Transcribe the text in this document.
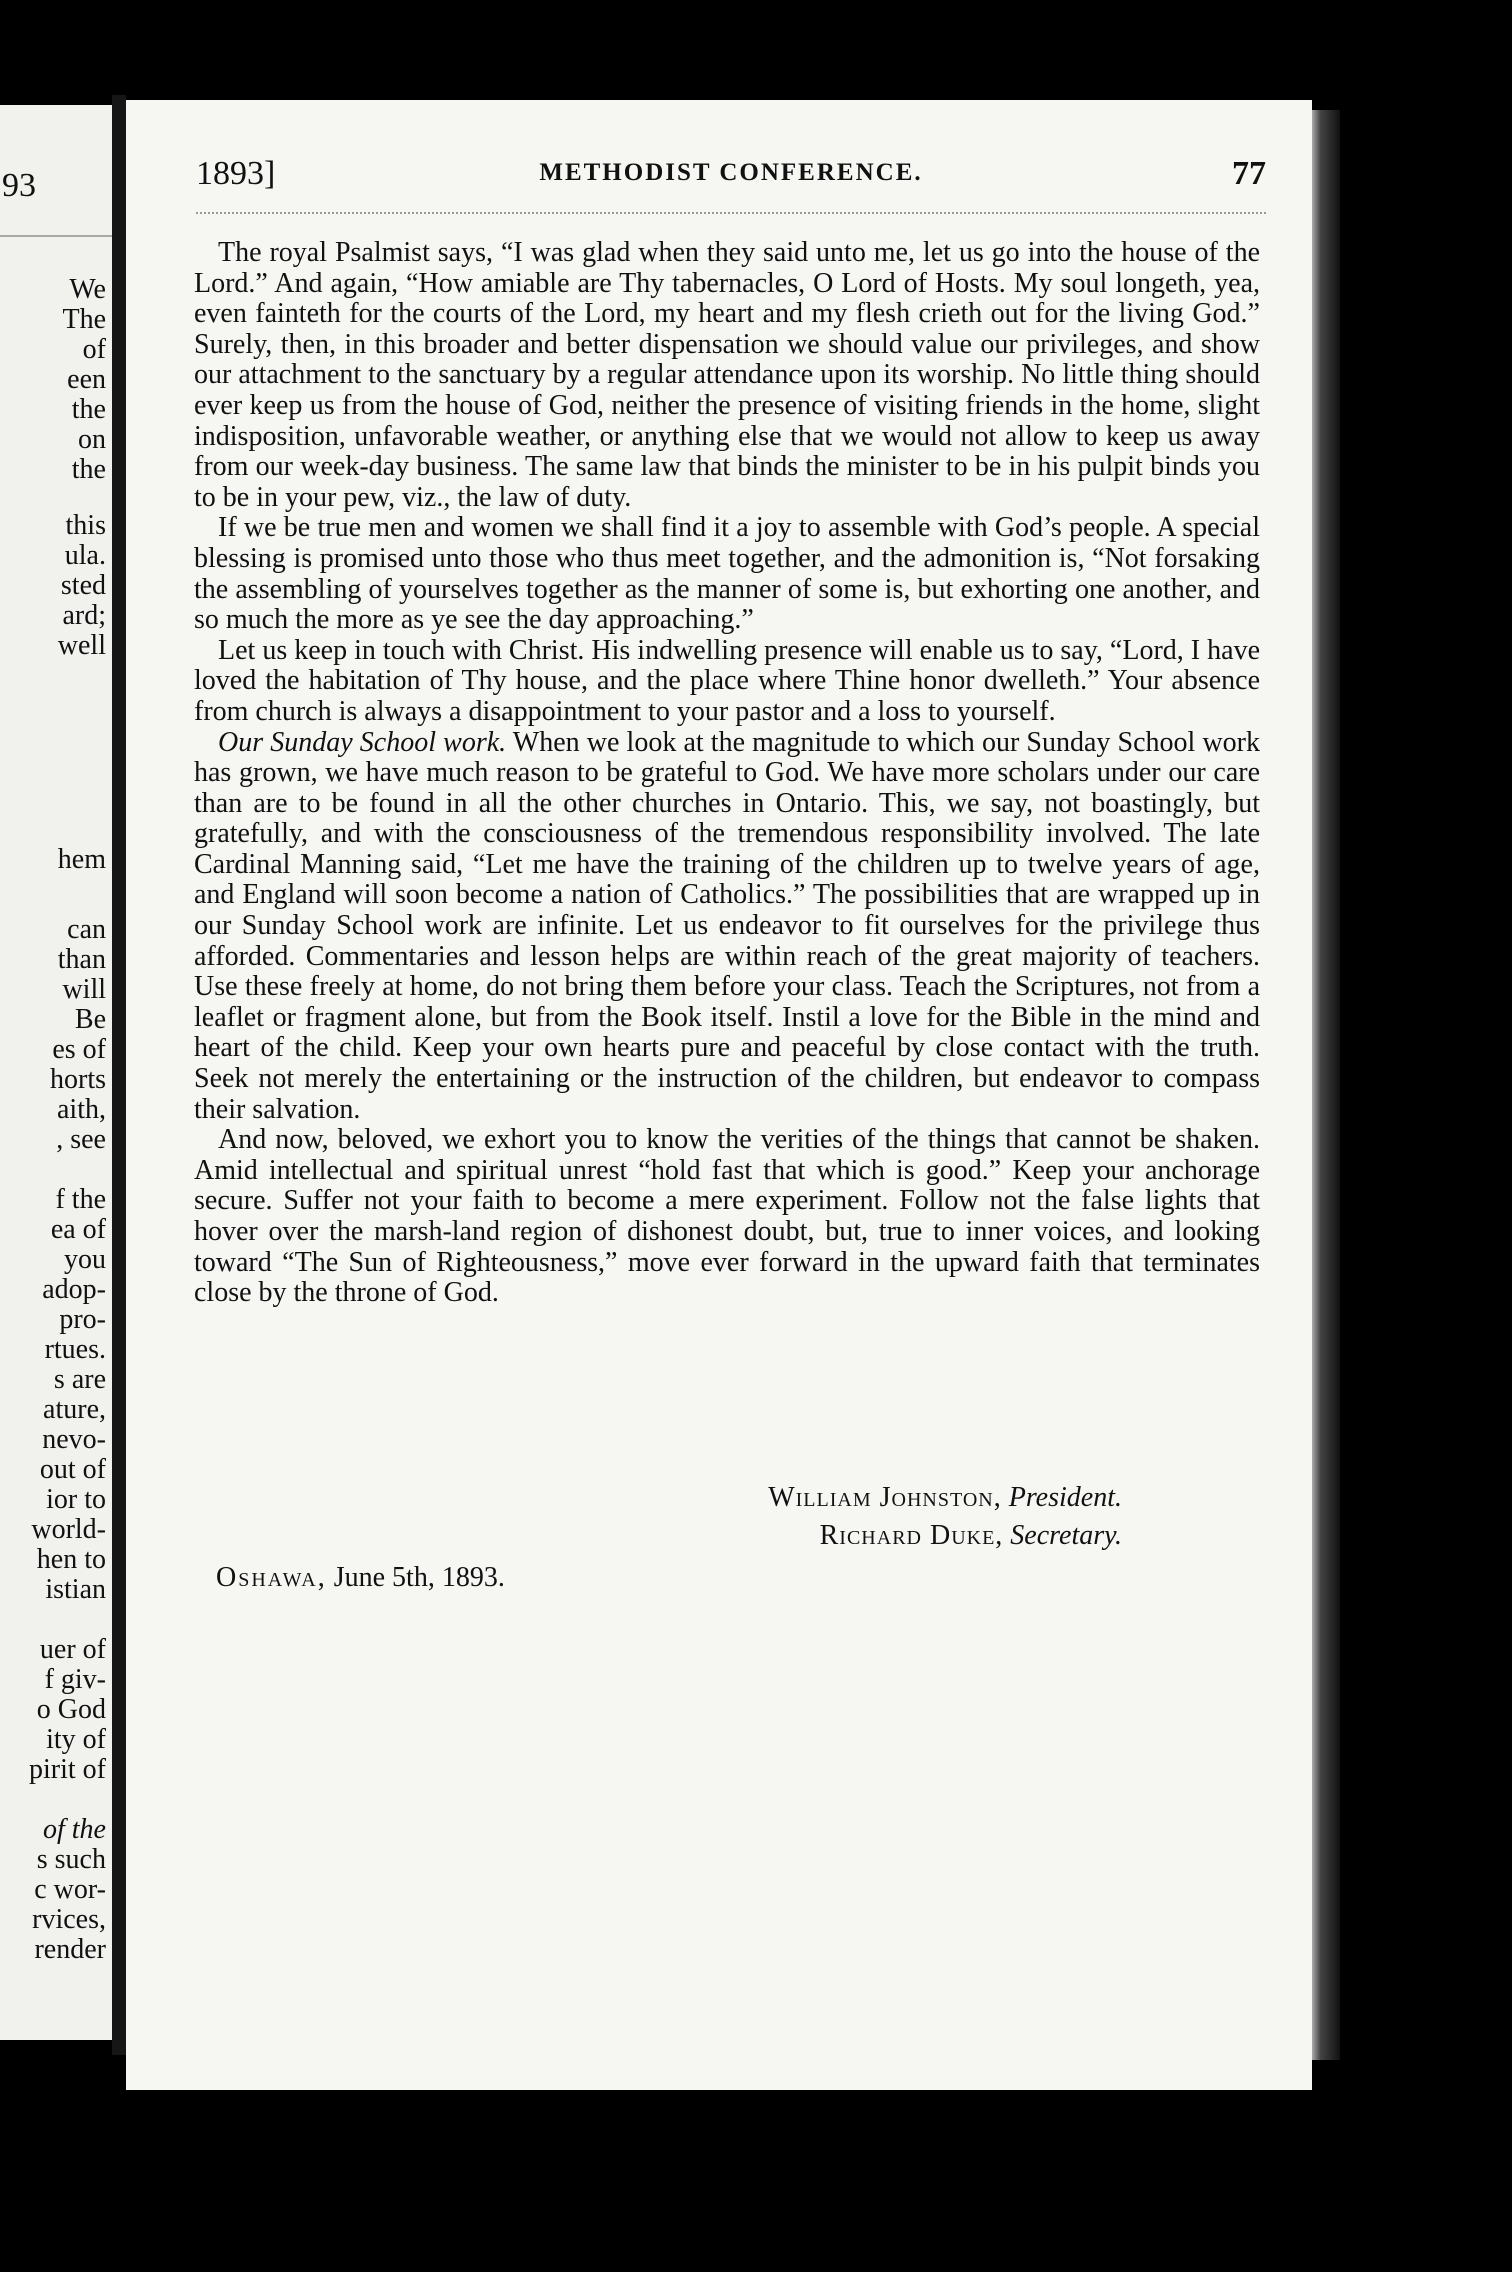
93
We
The
of
een
the
on
the
this
ula.
sted
ard;
well
hem
can
than
will
Be
es of
horts
aith,
, see
f the
ea of
you
adop-
pro-
rtues.
s are
ature,
nevo-
out of
ior to
world-
hen to
istian
uer of
f giv-
o God
ity of
pirit of
of the
s such
c wor-
rvices,
render
1893]	METHODIST CONFERENCE.	77

The royal Psalmist says, “I was glad when they said unto me, let us go into the house of the Lord.” And again, “How amiable are Thy tabernacles, O Lord of Hosts. My soul longeth, yea, even fainteth for the courts of the Lord, my heart and my flesh crieth out for the living God.” Surely, then, in this broader and better dispensation we should value our privileges, and show our attachment to the sanctuary by a regular attendance upon its worship. No little thing should ever keep us from the house of God, neither the presence of visiting friends in the home, slight indisposition, unfavorable weather, or anything else that we would not allow to keep us away from our week-day business. The same law that binds the minister to be in his pulpit binds you to be in your pew, viz., the law of duty.

If we be true men and women we shall find it a joy to assemble with God’s people. A special blessing is promised unto those who thus meet together, and the admonition is, “Not forsaking the assembling of yourselves together as the manner of some is, but exhorting one another, and so much the more as ye see the day approaching.”

Let us keep in touch with Christ. His indwelling presence will enable us to say, “Lord, I have loved the habitation of Thy house, and the place where Thine honor dwelleth.” Your absence from church is always a disappointment to your pastor and a loss to yourself.

Our Sunday School work. When we look at the magnitude to which our Sunday School work has grown, we have much reason to be grateful to God. We have more scholars under our care than are to be found in all the other churches in Ontario. This, we say, not boastingly, but gratefully, and with the consciousness of the tremendous responsibility involved. The late Cardinal Manning said, “Let me have the training of the children up to twelve years of age, and England will soon become a nation of Catholics.” The possibilities that are wrapped up in our Sunday School work are infinite. Let us endeavor to fit ourselves for the privilege thus afforded. Commentaries and lesson helps are within reach of the great majority of teachers. Use these freely at home, do not bring them before your class. Teach the Scriptures, not from a leaflet or fragment alone, but from the Book itself. Instil a love for the Bible in the mind and heart of the child. Keep your own hearts pure and peaceful by close contact with the truth. Seek not merely the entertaining or the instruction of the children, but endeavor to compass their salvation.

And now, beloved, we exhort you to know the verities of the things that cannot be shaken. Amid intellectual and spiritual unrest “hold fast that which is good.” Keep your anchorage secure. Suffer not your faith to become a mere experiment. Follow not the false lights that hover over the marsh-land region of dishonest doubt, but, true to inner voices, and looking toward “The Sun of Righteousness,” move ever forward in the upward faith that terminates close by the throne of God.

William Johnston, President.
Richard Duke, Secretary.
Oshawa, June 5th, 1893.
